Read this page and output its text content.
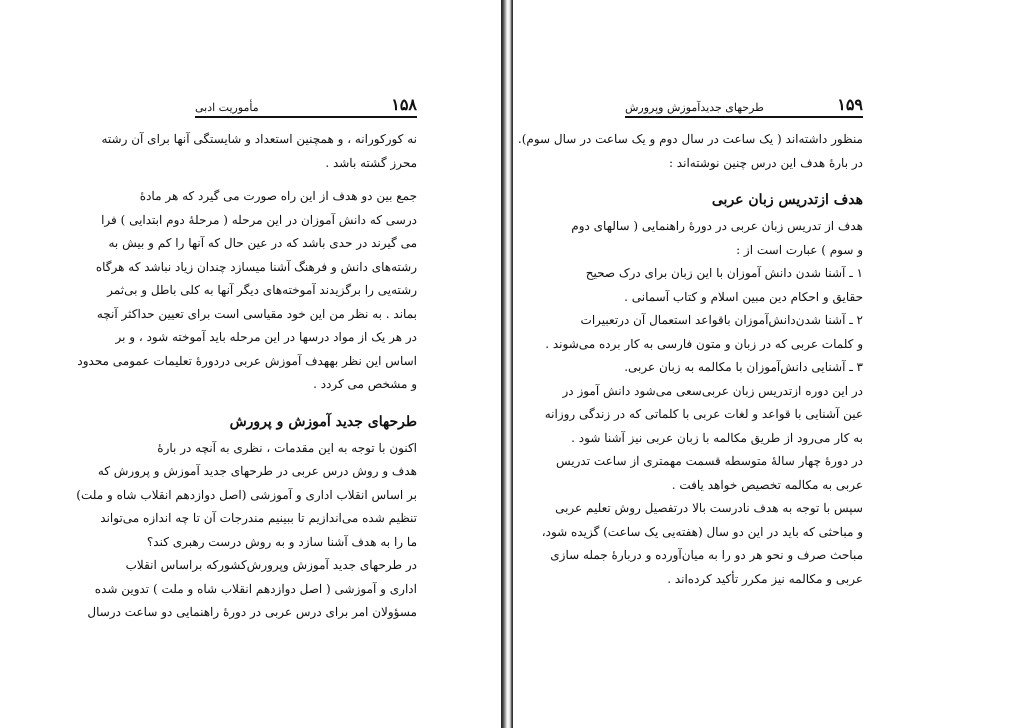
۱۵۸
مأموریت ادبی
نه کورکورانه ، و همچنین استعداد و شایستگی آنها برای آن رشته
محرز گشته باشد .
جمع بین دو هدف از این راه صورت می گیرد که هر مادهٔ
درسی که دانش آموزان در این مرحله ( مرحلهٔ دوم ابتدایی ) فرا
می گیرند در حدی باشد که در عین حال که آنها را کم و بیش به
رشته‌های دانش و فرهنگ آشنا میسازد چندان زیاد نباشد که هرگاه
رشته‌یی را برگزیدند آموخته‌های دیگر آنها به کلی باطل و بی‌ثمر
بماند . به نظر من این خود مقیاسی است برای تعیین حداکثر آنچه
در هر یک از مواد درسها در این مرحله باید آموخته شود ، و بر
اساس این نظر بههدف آموزش عربی دردورهٔ تعلیمات عمومی محدود
و مشخص می کردد .
طرحهای جدید آموزش و پرورش
اکنون با توجه به این مقدمات ، نظری به آنچه در بارهٔ
هدف و روش درس عربی در طرحهای جدید آموزش و پرورش که
بر اساس انقلاب اداری و آموزشی (اصل دوازدهم انقلاب شاه و ملت)
تنظیم شده می‌اندازیم تا ببینیم مندرجات آن تا چه اندازه می‌تواند
ما را به هدف آشنا سازد و به روش درست رهبری کند؟
در طرحهای جدید آموزش وپرورش‌کشورکه براساس انقلاب
اداری و آموزشی ( اصل دوازدهم انقلاب شاه و ملت ) تدوین شده
مسؤولان امر برای درس عربی در دورهٔ راهنمایی دو ساعت درسال
۱۵۹
طرحهای جدیدآموزش وپرورش
منظور داشته‌اند ( یک ساعت در سال دوم و یک ساعت در سال سوم).
در بارهٔ هدف این درس چنین نوشته‌اند :
هدف ازتدریس زبان عربی
هدف از تدریس زبان عربی در دورهٔ راهنمایی ( سالهای دوم
و سوم ) عبارت است از :
۱ ـ آشنا شدن دانش آموزان با این زبان برای درک صحیح
حقایق و احکام دین مبین اسلام و کتاب آسمانی .
۲ ـ آشنا شدن‌دانش‌آموزان باقواعد استعمال آن درتعبیرات
و کلمات عربی که در زبان و متون فارسی به کار برده می‌شوند .
۳ ـ آشنایی دانش‌آموزان با مکالمه به زبان عربی.
در این دوره ازتدریس زبان عربی‌سعی می‌شود دانش آموز در
عین آشنایی با قواعد و لغات عربی با کلماتی که در زندگی روزانه
به کار می‌رود از طریق مکالمه با زبان عربی نیز آشنا شود .
در دورهٔ چهار سالهٔ متوسطه قسمت مهمتری از ساعت تدریس
عربی به مکالمه تخصیص خواهد یافت .
سپس با توجه به هدف نادرست بالا درتفصیل روش تعلیم عربی
و مباحثی که باید در این دو سال (هفته‌یی یک ساعت) گزیده شود،
مباحث صرف و نحو هر دو را به میان‌آورده و دربارهٔ جمله سازی
عربی و مکالمه نیز مکرر تأکید کرده‌اند .
